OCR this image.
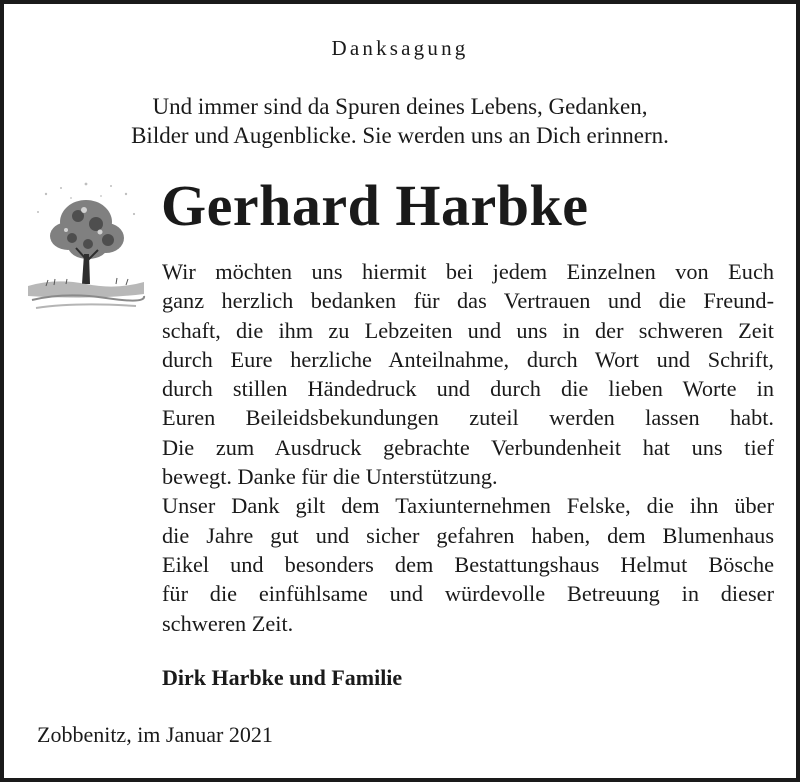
Danksagung
Und immer sind da Spuren deines Lebens, Gedanken,
Bilder und Augenblicke. Sie werden uns an Dich erinnern.
Gerhard Harbke
Wir möchten uns hiermit bei jedem Einzelnen von Euch
ganz herzlich bedanken für das Vertrauen und die Freund-
schaft, die ihm zu Lebzeiten und uns in der schweren Zeit
durch Eure herzliche Anteilnahme, durch Wort und Schrift,
durch stillen Händedruck und durch die lieben Worte in
Euren Beileidsbekundungen zuteil werden lassen habt.
Die zum Ausdruck gebrachte Verbundenheit hat uns tief
bewegt. Danke für die Unterstützung.
Unser Dank gilt dem Taxiunternehmen Felske, die ihn über
die Jahre gut und sicher gefahren haben, dem Blumenhaus
Eikel und besonders dem Bestattungshaus Helmut Bösche
für die einfühlsame und würdevolle Betreuung in dieser
schweren Zeit.
Dirk Harbke und Familie
Zobbenitz, im Januar 2021
